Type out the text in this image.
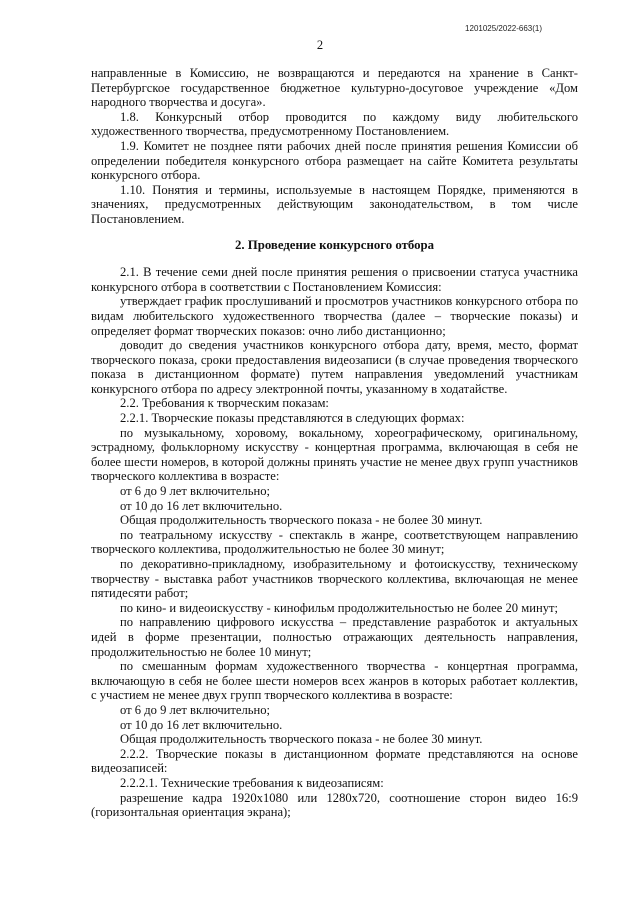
1201025/2022-663(1)
2

направленные в Комиссию, не возвращаются и передаются на хранение в Санкт-Петербургское государственное бюджетное культурно-досуговое учреждение «Дом народного творчества и досуга».

1.8. Конкурсный отбор проводится по каждому виду любительского художественного творчества, предусмотренному Постановлением.

1.9. Комитет не позднее пяти рабочих дней после принятия решения Комиссии об определении победителя конкурсного отбора размещает на сайте Комитета результаты конкурсного отбора.

1.10. Понятия и термины, используемые в настоящем Порядке, применяются в значениях, предусмотренных действующим законодательством, в том числе Постановлением.

2. Проведение конкурсного отбора

2.1. В течение семи дней после принятия решения о присвоении статуса участника конкурсного отбора в соответствии с Постановлением Комиссия:

утверждает график прослушиваний и просмотров участников конкурсного отбора по видам любительского художественного творчества (далее – творческие показы) и определяет формат творческих показов: очно либо дистанционно;

доводит до сведения участников конкурсного отбора дату, время, место, формат творческого показа, сроки предоставления видеозаписи (в случае проведения творческого показа в дистанционном формате) путем направления уведомлений участникам конкурсного отбора по адресу электронной почты, указанному в ходатайстве.

2.2. Требования к творческим показам:

2.2.1. Творческие показы представляются в следующих формах:

по музыкальному, хоровому, вокальному, хореографическому, оригинальному, эстрадному, фольклорному искусству - концертная программа, включающая в себя не более шести номеров, в которой должны принять участие не менее двух групп участников творческого коллектива в возрасте:

от 6 до 9 лет включительно;

от 10 до 16 лет включительно.

Общая продолжительность творческого показа - не более 30 минут.

по театральному искусству - спектакль в жанре, соответствующем направлению творческого коллектива, продолжительностью не более 30 минут;

по декоративно-прикладному, изобразительному и фотоискусству, техническому творчеству - выставка работ участников творческого коллектива, включающая не менее пятидесяти работ;

по кино- и видеоискусству - кинофильм продолжительностью не более 20 минут;

по направлению цифрового искусства – представление разработок и актуальных идей в форме презентации, полностью отражающих деятельность направления, продолжительностью не более 10 минут;

по смешанным формам художественного творчества - концертная программа, включающую в себя не более шести номеров всех жанров в которых работает коллектив, с участием не менее двух групп творческого коллектива в возрасте:

от 6 до 9 лет включительно;

от 10 до 16 лет включительно.

Общая продолжительность творческого показа - не более 30 минут.

2.2.2. Творческие показы в дистанционном формате представляются на основе видеозаписей:

2.2.2.1. Технические требования к видеозаписям:

разрешение кадра 1920x1080 или 1280x720, соотношение сторон видео 16:9 (горизонтальная ориентация экрана);
